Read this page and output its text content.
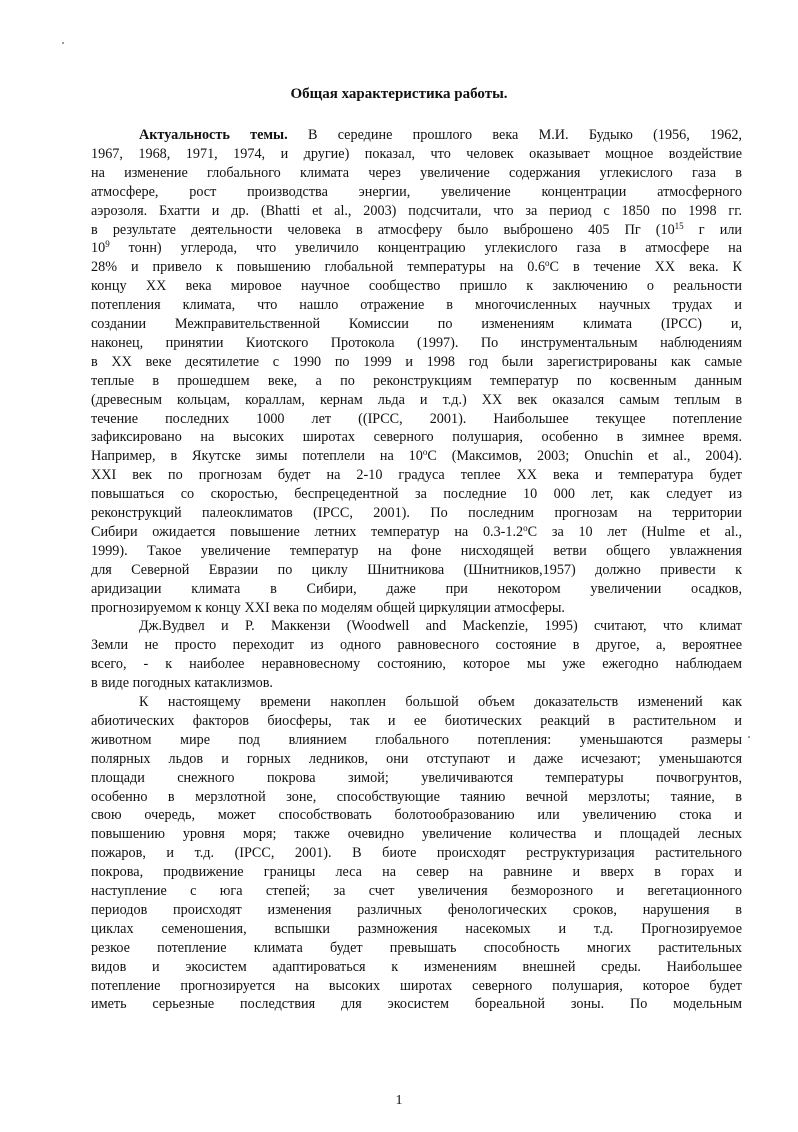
Общая характеристика работы.

Актуальность темы. В середине прошлого века М.И. Будыко (1956, 1962,

1967, 1968, 1971, 1974, и другие) показал, что человек оказывает мощное воздействие

на изменение глобального климата через увеличение содержания углекислого газа в

атмосфере, рост производства энергии, увеличение концентрации атмосферного

аэрозоля. Бхатти и др. (Bhatti et al., 2003) подсчитали, что за период с 1850 по 1998 гг.

в результате деятельности человека в атмосферу было выброшено 405 Пг ($10^{15}$ г или

$10^9$ тонн) углерода, что увеличило концентрацию углекислого газа в атмосфере на

28% и привело к повышению глобальной температуры на 0.6$^o$С в течение ХХ века. К

концу ХХ века мировое научное сообщество пришло к заключению о реальности

потепления климата, что нашло отражение в многочисленных научных трудах и

создании Межправительственной Комиссии по изменениям климата (IPCC) и,

наконец, принятии Киотского Протокола (1997). По инструментальным наблюдениям

в ХХ веке десятилетие с 1990 по 1999 и 1998 год были зарегистрированы как самые

теплые в прошедшем веке, а по реконструкциям температур по косвенным данным

(древесным кольцам, кораллам, кернам льда и т.д.) ХХ век оказался самым теплым в

течение последних 1000 лет ((IPCC, 2001). Наибольшее текущее потепление

зафиксировано на высоких широтах северного полушария, особенно в зимнее время.

Например, в Якутске зимы потеплели на 10$^o$С (Максимов, 2003; Onuchin et al., 2004).

XXI век по прогнозам будет на 2-10 градуса теплее ХХ века и температура будет

повышаться со скоростью, беспрецедентной за последние 10 000 лет, как следует из

реконструкций палеоклиматов (IPCC, 2001). По последним прогнозам на территории

Сибири ожидается повышение летних температур на 0.3-1.2$^o$С за 10 лет (Hulme et al.,

1999). Такое увеличение температур на фоне нисходящей ветви общего увлажнения

для Северной Евразии по циклу Шнитникова (Шнитников,1957) должно привести к

аридизации климата в Сибири, даже при некотором увеличении осадков,

прогнозируемом к концу XXI века по моделям общей циркуляции атмосферы.

Дж.Вудвел и Р. Маккензи (Woodwell and Mackenzie, 1995) считают, что климат

Земли не просто переходит из одного равновесного состояние в другое, а, вероятнее

всего, - к наиболее неравновесному состоянию, которое мы уже ежегодно наблюдаем

в виде погодных катаклизмов.

К настоящему времени накоплен большой объем доказательств изменений как

абиотических факторов биосферы, так и ее биотических реакций в растительном и

животном мире под влиянием глобального потепления: уменьшаются размеры

полярных льдов и горных ледников, они отступают и даже исчезают; уменьшаются

площади снежного покрова зимой; увеличиваются температуры почвогрунтов,

особенно в мерзлотной зоне, способствующие таянию вечной мерзлоты; таяние, в

свою очередь, может способствовать болотообразованию или увеличению стока и

повышению уровня моря; также очевидно увеличение количества и площадей лесных

пожаров, и т.д. (IPCC, 2001). В биоте происходят реструктуризация растительного

покрова, продвижение границы леса на север на равнине и вверх в горах и

наступление с юга степей; за счет увеличения безморозного и вегетационного

периодов происходят изменения различных фенологических сроков, нарушения в

1

циклах семеношения, вспышки размножения насекомых и т.д. Прогнозируемое

резкое потепление климата будет превышать способность многих растительных

видов и экосистем адаптироваться к изменениям внешней среды. Наибольшее

потепление прогнозируется на высоких широтах северного полушария, которое будет

иметь серьезные последствия для экосистем бореальной зоны. По модельным
